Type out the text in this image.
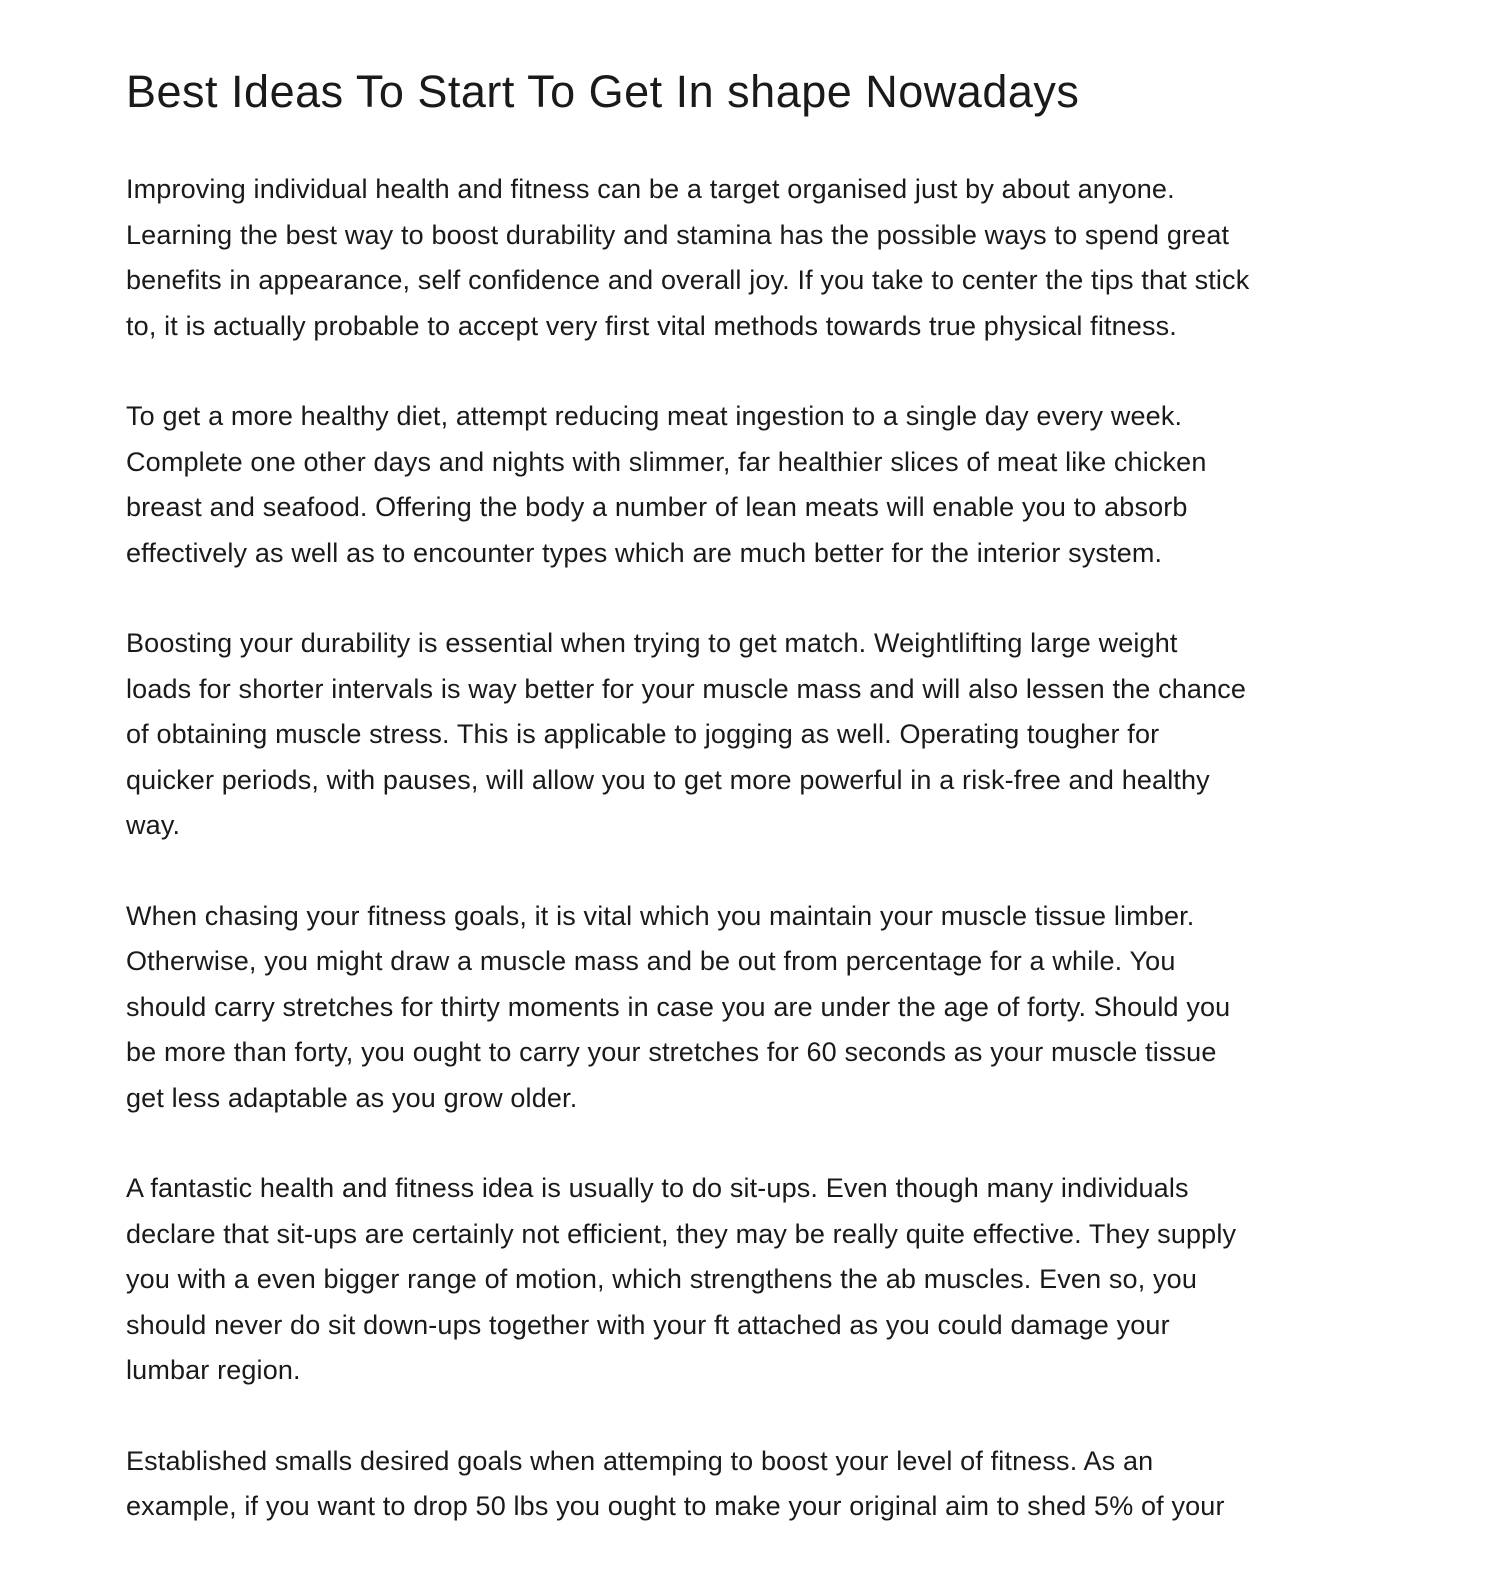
Best Ideas To Start To Get In shape Nowadays

Improving individual health and fitness can be a target organised just by about anyone.
Learning the best way to boost durability and stamina has the possible ways to spend great
benefits in appearance, self confidence and overall joy. If you take to center the tips that stick
to, it is actually probable to accept very first vital methods towards true physical fitness.

To get a more healthy diet, attempt reducing meat ingestion to a single day every week.
Complete one other days and nights with slimmer, far healthier slices of meat like chicken
breast and seafood. Offering the body a number of lean meats will enable you to absorb
effectively as well as to encounter types which are much better for the interior system.

Boosting your durability is essential when trying to get match. Weightlifting large weight
loads for shorter intervals is way better for your muscle mass and will also lessen the chance
of obtaining muscle stress. This is applicable to jogging as well. Operating tougher for
quicker periods, with pauses, will allow you to get more powerful in a risk-free and healthy
way.

When chasing your fitness goals, it is vital which you maintain your muscle tissue limber.
Otherwise, you might draw a muscle mass and be out from percentage for a while. You
should carry stretches for thirty moments in case you are under the age of forty. Should you
be more than forty, you ought to carry your stretches for 60 seconds as your muscle tissue
get less adaptable as you grow older.

A fantastic health and fitness idea is usually to do sit-ups. Even though many individuals
declare that sit-ups are certainly not efficient, they may be really quite effective. They supply
you with a even bigger range of motion, which strengthens the ab muscles. Even so, you
should never do sit down-ups together with your ft attached as you could damage your
lumbar region.

Established smalls desired goals when attemping to boost your level of fitness. As an
example, if you want to drop 50 lbs you ought to make your original aim to shed 5% of your
